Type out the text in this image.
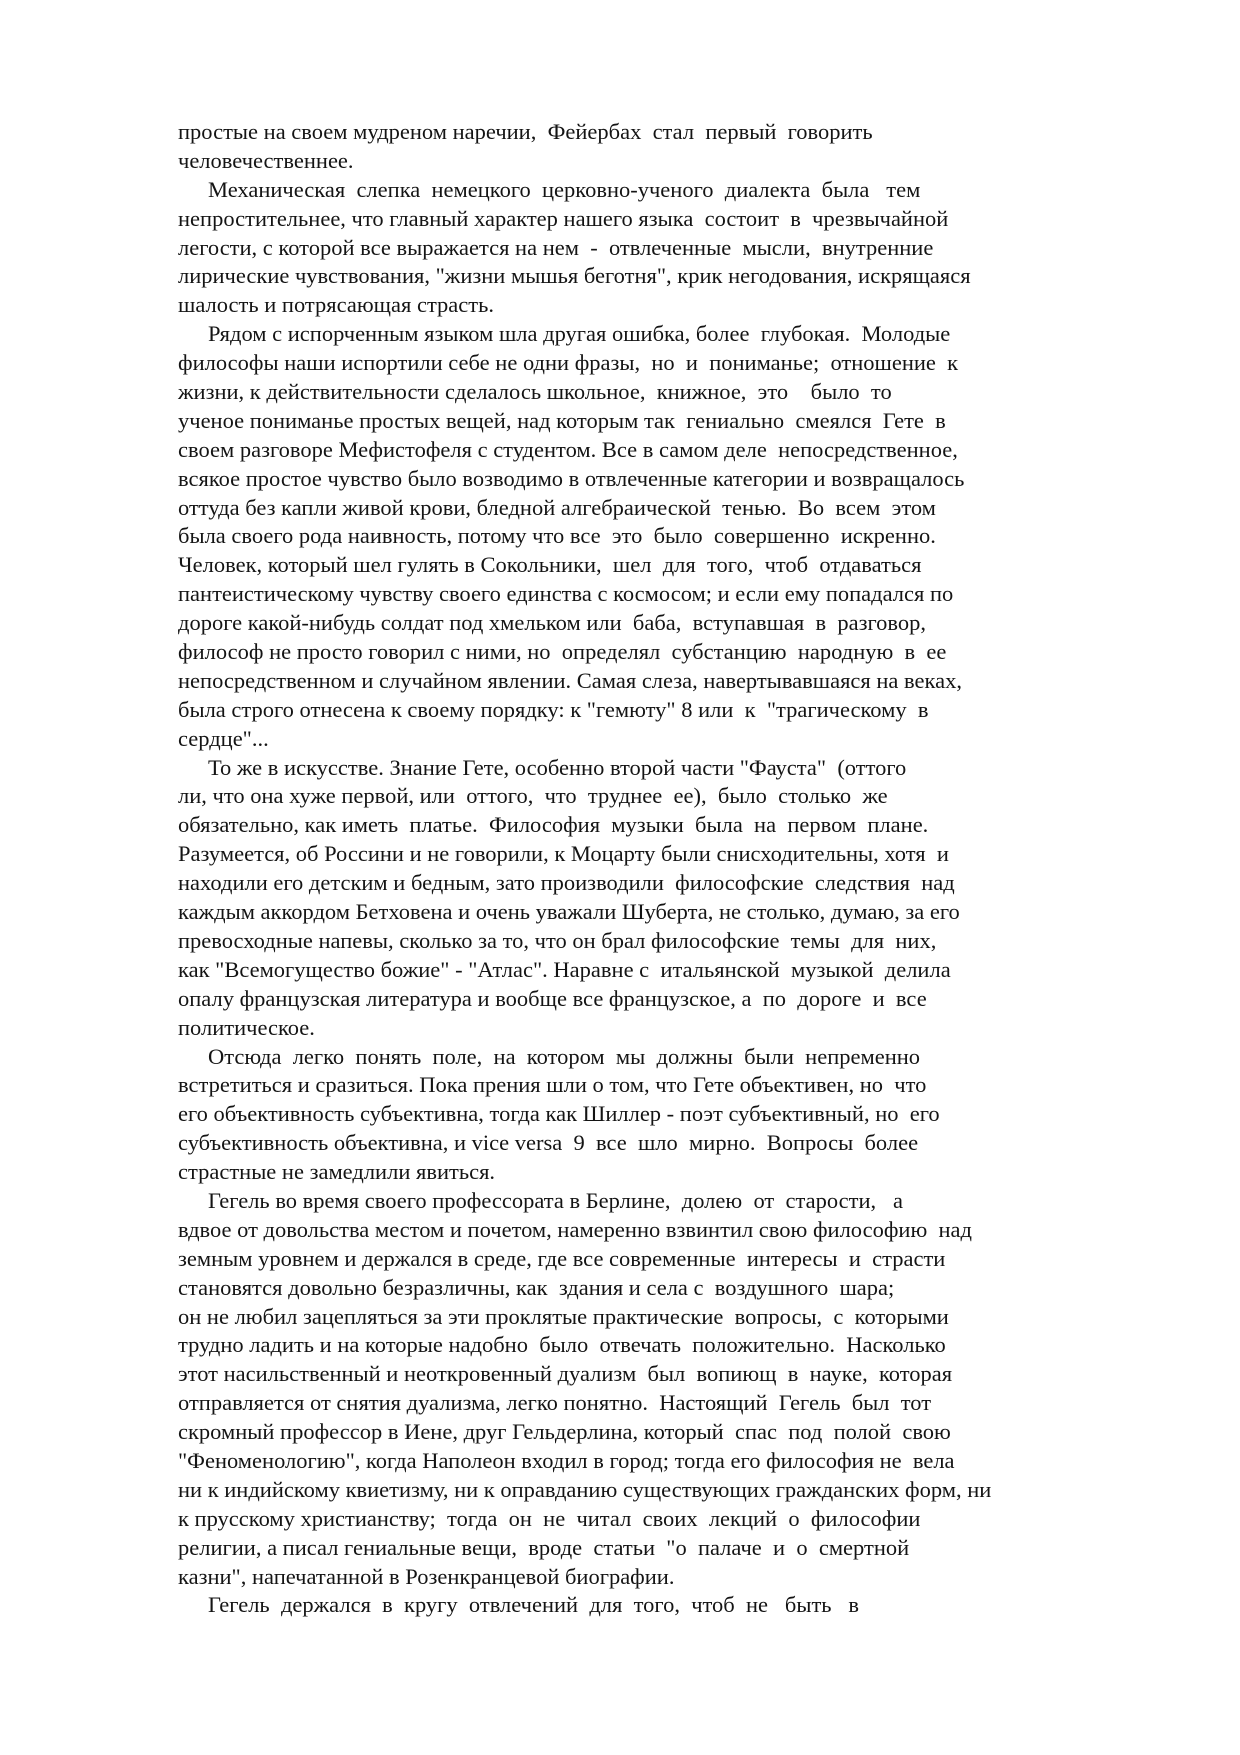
простые на своем мудреном наречии,  Фейербах  стал  первый  говорить
человечественнее.
Механическая  слепка  немецкого  церковно-ученого  диалекта  была   тем
непростительнее, что главный характер нашего языка  состоит  в  чрезвычайной
легости, с которой все выражается на нем  -  отвлеченные  мысли,  внутренние
лирические чувствования, "жизни мышья беготня", крик негодования, искрящаяся
шалость и потрясающая страсть.
Рядом с испорченным языком шла другая ошибка, более  глубокая.  Молодые
философы наши испортили себе не одни фразы,  но  и  пониманье;  отношение  к
жизни, к действительности сделалось школьное,  книжное,  это    было  то
ученое пониманье простых вещей, над которым так  гениально  смеялся  Гете  в
своем разговоре Мефистофеля с студентом. Все в самом деле  непосредственное,
всякое простое чувство было возводимо в отвлеченные категории и возвращалось
оттуда без капли живой крови, бледной алгебраической  тенью.  Во  всем  этом
была своего рода наивность, потому что все  это  было  совершенно  искренно.
Человек, который шел гулять в Сокольники,  шел  для  того,  чтоб  отдаваться
пантеистическому чувству своего единства с космосом; и если ему попадался по
дороге какой-нибудь солдат под хмельком или  баба,  вступавшая  в  разговор,
философ не просто говорил с ними, но  определял  субстанцию  народную  в  ее
непосредственном и случайном явлении. Самая слеза, навертывавшаяся на веках,
была строго отнесена к своему порядку: к "гемюту" 8 или  к  "трагическому  в
сердце"...
То же в искусстве. Знание Гете, особенно второй части "Фауста"  (оттого
ли, что она хуже первой, или  оттого,  что  труднее  ее),  было  столько  же
обязательно, как иметь  платье.  Философия  музыки  была  на  первом  плане.
Разумеется, об Россини и не говорили, к Моцарту были снисходительны, хотя  и
находили его детским и бедным, зато производили  философские  следствия  над
каждым аккордом Бетховена и очень уважали Шуберта, не столько, думаю, за его
превосходные напевы, сколько за то, что он брал философские  темы  для  них,
как "Всемогущество божие" - "Атлас". Наравне с  итальянской  музыкой  делила
опалу французская литература и вообще все французское, а  по  дороге  и  все
политическое.
Отсюда  легко  понять  поле,  на  котором  мы  должны  были  непременно
встретиться и сразиться. Пока прения шли о том, что Гете объективен, но  что
его объективность субъективна, тогда как Шиллер - поэт субъективный, но  его
субъективность объективна, и vice versa  9  все  шло  мирно.  Вопросы  более
страстные не замедлили явиться.
Гегель во время своего профессората в Берлине,  долею  от  старости,   а
вдвое от довольства местом и почетом, намеренно взвинтил свою философию  над
земным уровнем и держался в среде, где все современные  интересы  и  страсти
становятся довольно безразличны, как  здания и села с  воздушного  шара;
он не любил зацепляться за эти проклятые практические  вопросы,  с  которыми
трудно ладить и на которые надобно  было  отвечать  положительно.  Насколько
этот насильственный и неоткровенный дуализм  был  вопиющ  в  науке,  которая
отправляется от снятия дуализма, легко понятно.  Настоящий  Гегель  был  тот
скромный профессор в Иене, друг Гельдерлина, который  спас  под  полой  свою
"Феноменологию", когда Наполеон входил в город; тогда его философия не  вела
ни к индийскому квиетизму, ни к оправданию существующих гражданских форм, ни
к прусскому христианству;  тогда  он  не  читал  своих  лекций  о  философии
религии, а писал гениальные вещи,  вроде  статьи  "о  палаче  и  о  смертной
казни", напечатанной в Розенкранцевой биографии.
Гегель  держался  в  кругу  отвлечений  для  того,  чтоб  не   быть   в
